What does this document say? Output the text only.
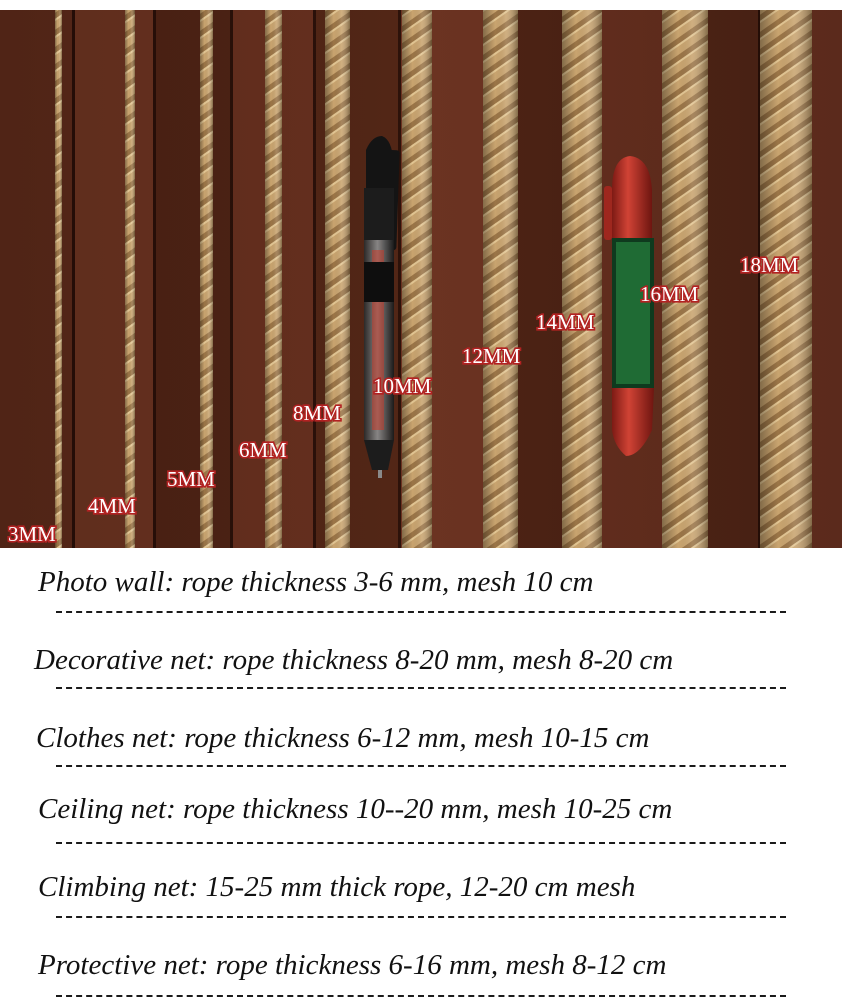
3MM
4MM
5MM
6MM
8MM
10MM
12MM
14MM
16MM
18MM
Photo wall: rope thickness 3-6 mm, mesh 10 cm
Decorative net: rope thickness 8-20 mm, mesh 8-20 cm
Clothes net: rope thickness 6-12 mm, mesh 10-15 cm
Ceiling net: rope thickness 10--20 mm, mesh 10-25 cm
Climbing net: 15-25 mm thick rope, 12-20 cm mesh
Protective net: rope thickness 6-16 mm, mesh 8-12 cm
